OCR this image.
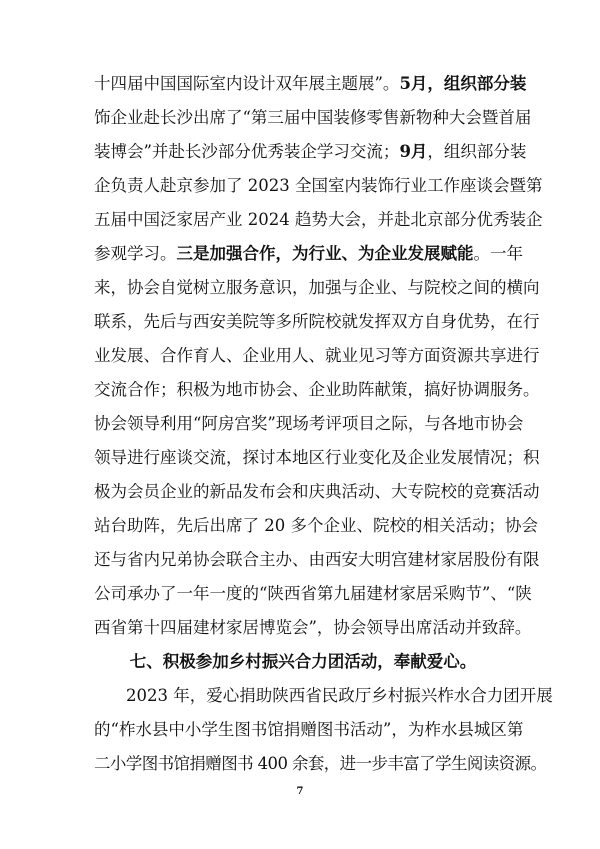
十四届中国国际室内设计双年展主题展”。5月，组织部分装
饰企业赴长沙出席了“第三届中国装修零售新物种大会暨首届
装博会”并赴长沙部分优秀装企学习交流；9月，组织部分装
企负责人赴京参加了 2023 全国室内装饰行业工作座谈会暨第
五届中国泛家居产业 2024 趋势大会，并赴北京部分优秀装企
参观学习。三是加强合作，为行业、为企业发展赋能。一年
来，协会自觉树立服务意识，加强与企业、与院校之间的横向
联系，先后与西安美院等多所院校就发挥双方自身优势，在行
业发展、合作育人、企业用人、就业见习等方面资源共享进行
交流合作；积极为地市协会、企业助阵献策，搞好协调服务。
协会领导利用“阿房宫奖”现场考评项目之际，与各地市协会
领导进行座谈交流，探讨本地区行业变化及企业发展情况；积
极为会员企业的新品发布会和庆典活动、大专院校的竞赛活动
站台助阵，先后出席了 20 多个企业、院校的相关活动；协会
还与省内兄弟协会联合主办、由西安大明宫建材家居股份有限
公司承办了一年一度的“陕西省第九届建材家居采购节”、“陕
西省第十四届建材家居博览会”，协会领导出席活动并致辞。
七、积极参加乡村振兴合力团活动，奉献爱心。
2023 年，爱心捐助陕西省民政厅乡村振兴柞水合力团开展
的“柞水县中小学生图书馆捐赠图书活动”，为柞水县城区第
二小学图书馆捐赠图书 400 余套，进一步丰富了学生阅读资源。
7
